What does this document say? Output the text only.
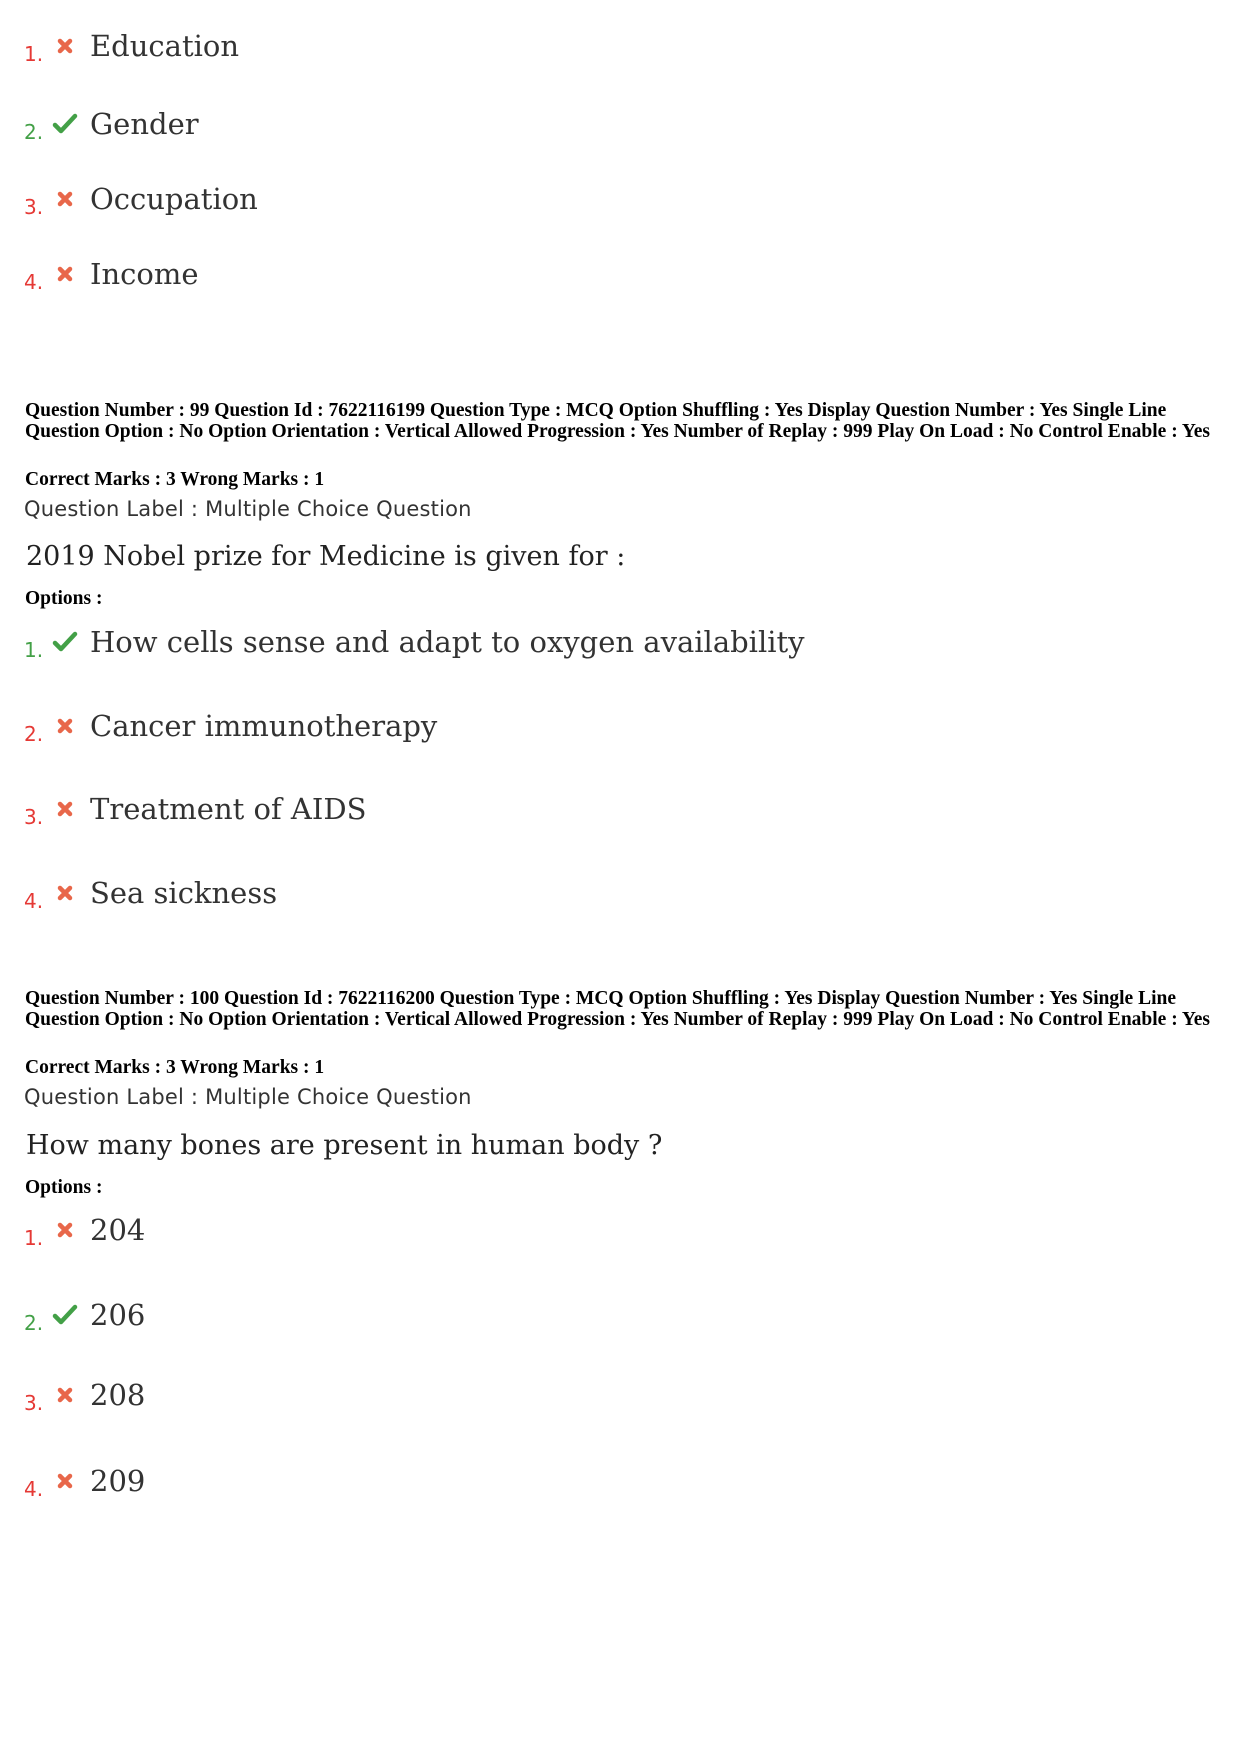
1. Education
2. Gender
3. Occupation
4. Income
Question Number : 99 Question Id : 7622116199 Question Type : MCQ Option Shuffling : Yes Display Question Number : Yes Single Line Question Option : No Option Orientation : Vertical Allowed Progression : Yes Number of Replay : 999 Play On Load : No Control Enable : Yes
Correct Marks : 3 Wrong Marks : 1
Question Label : Multiple Choice Question
2019 Nobel prize for Medicine is given for :
Options :
1. How cells sense and adapt to oxygen availability
2. Cancer immunotherapy
3. Treatment of AIDS
4. Sea sickness
Question Number : 100 Question Id : 7622116200 Question Type : MCQ Option Shuffling : Yes Display Question Number : Yes Single Line Question Option : No Option Orientation : Vertical Allowed Progression : Yes Number of Replay : 999 Play On Load : No Control Enable : Yes
Correct Marks : 3 Wrong Marks : 1
Question Label : Multiple Choice Question
How many bones are present in human body ?
Options :
1. 204
2. 206
3. 208
4. 209
